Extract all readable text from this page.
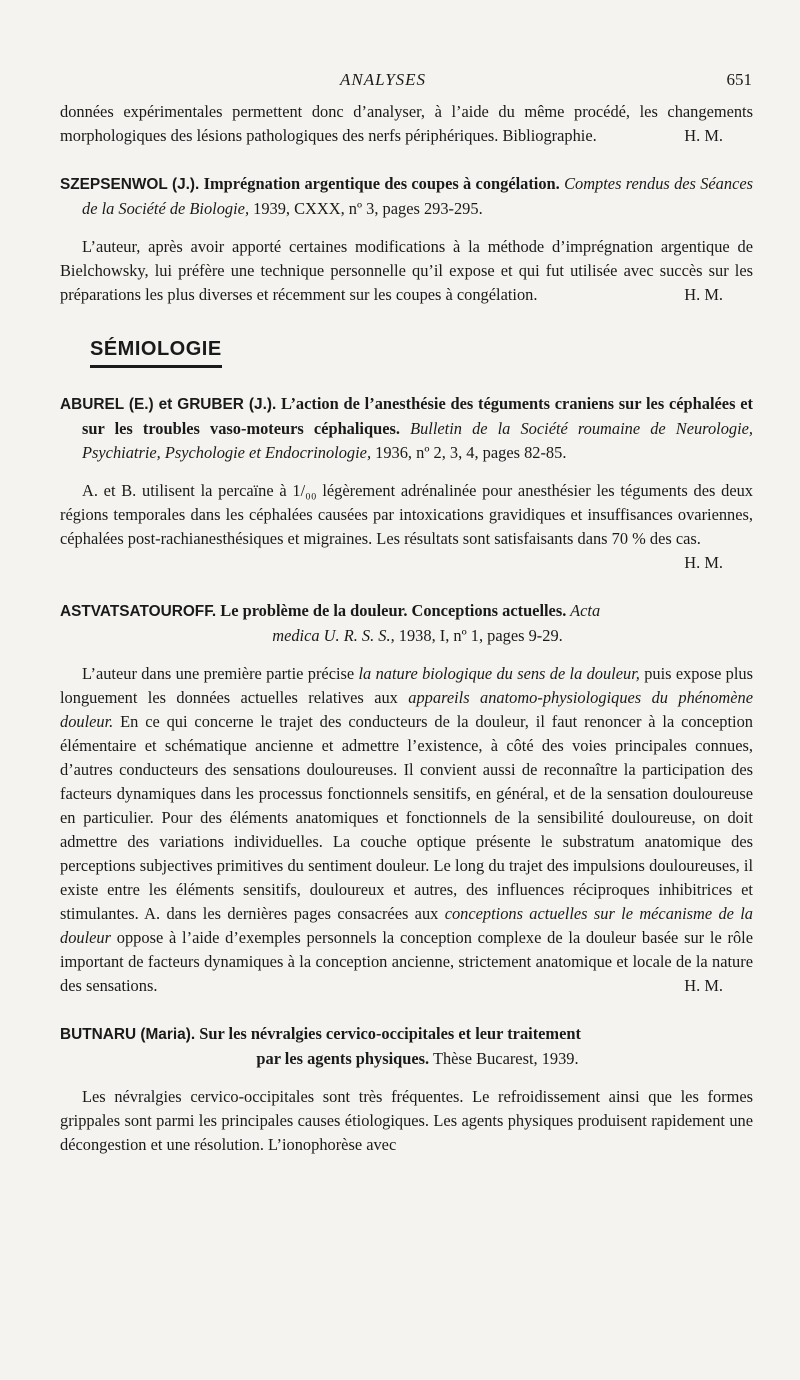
ANALYSES	651

données expérimentales permettent donc d’analyser, à l’aide du même procédé, les changements morphologiques des lésions pathologiques des nerfs périphériques. Bibliographie.	H. M.

SZEPSENWOL (J.). Imprégnation argentique des coupes à congélation. Comptes rendus des Séances de la Société de Biologie, 1939, CXXX, nº 3, pages 293-295.

L’auteur, après avoir apporté certaines modifications à la méthode d’imprégnation argentique de Bielchowsky, lui préfère une technique personnelle qu’il expose et qui fut utilisée avec succès sur les préparations les plus diverses et récemment sur les coupes à congélation.	H. M.

SÉMIOLOGIE

ABUREL (E.) et GRUBER (J.). L’action de l’anesthésie des téguments craniens sur les céphalées et sur les troubles vaso-moteurs céphaliques. Bulletin de la Société roumaine de Neurologie, Psychiatrie, Psychologie et Endocrinologie, 1936, nº 2, 3, 4, pages 82-85.

A. et B. utilisent la percaïne à 1/₀₀ légèrement adrénalinée pour anesthésier les téguments des deux régions temporales dans les céphalées causées par intoxications gravidiques et insuffisances ovariennes, céphalées post-rachianesthésiques et migraines. Les résultats sont satisfaisants dans 70 % des cas.
H. M.

ASTVATSATOUROFF. Le problème de la douleur. Conceptions actuelles. Acta
medica U. R. S. S., 1938, I, nº 1, pages 9-29.

L’auteur dans une première partie précise la nature biologique du sens de la douleur, puis expose plus longuement les données actuelles relatives aux appareils anatomo-physiologiques du phénomène douleur. En ce qui concerne le trajet des conducteurs de la douleur, il faut renoncer à la conception élémentaire et schématique ancienne et admettre l’existence, à côté des voies principales connues, d’autres conducteurs des sensations douloureuses. Il convient aussi de reconnaître la participation des facteurs dynamiques dans les processus fonctionnels sensitifs, en général, et de la sensation douloureuse en particulier. Pour des éléments anatomiques et fonctionnels de la sensibilité douloureuse, on doit admettre des variations individuelles. La couche optique présente le substratum anatomique des perceptions subjectives primitives du sentiment douleur. Le long du trajet des impulsions douloureuses, il existe entre les éléments sensitifs, douloureux et autres, des influences réciproques inhibitrices et stimulantes. A. dans les dernières pages consacrées aux conceptions actuelles sur le mécanisme de la douleur oppose à l’aide d’exemples personnels la conception complexe de la douleur basée sur le rôle important de facteurs dynamiques à la conception ancienne, strictement anatomique et locale de la nature des sensations.	H. M.

BUTNARU (Maria). Sur les névralgies cervico-occipitales et leur traitement
par les agents physiques. Thèse Bucarest, 1939.

Les névralgies cervico-occipitales sont très fréquentes. Le refroidissement ainsi que les formes grippales sont parmi les principales causes étiologiques. Les agents physiques produisent rapidement une décongestion et une résolution. L’ionophorèse avec
